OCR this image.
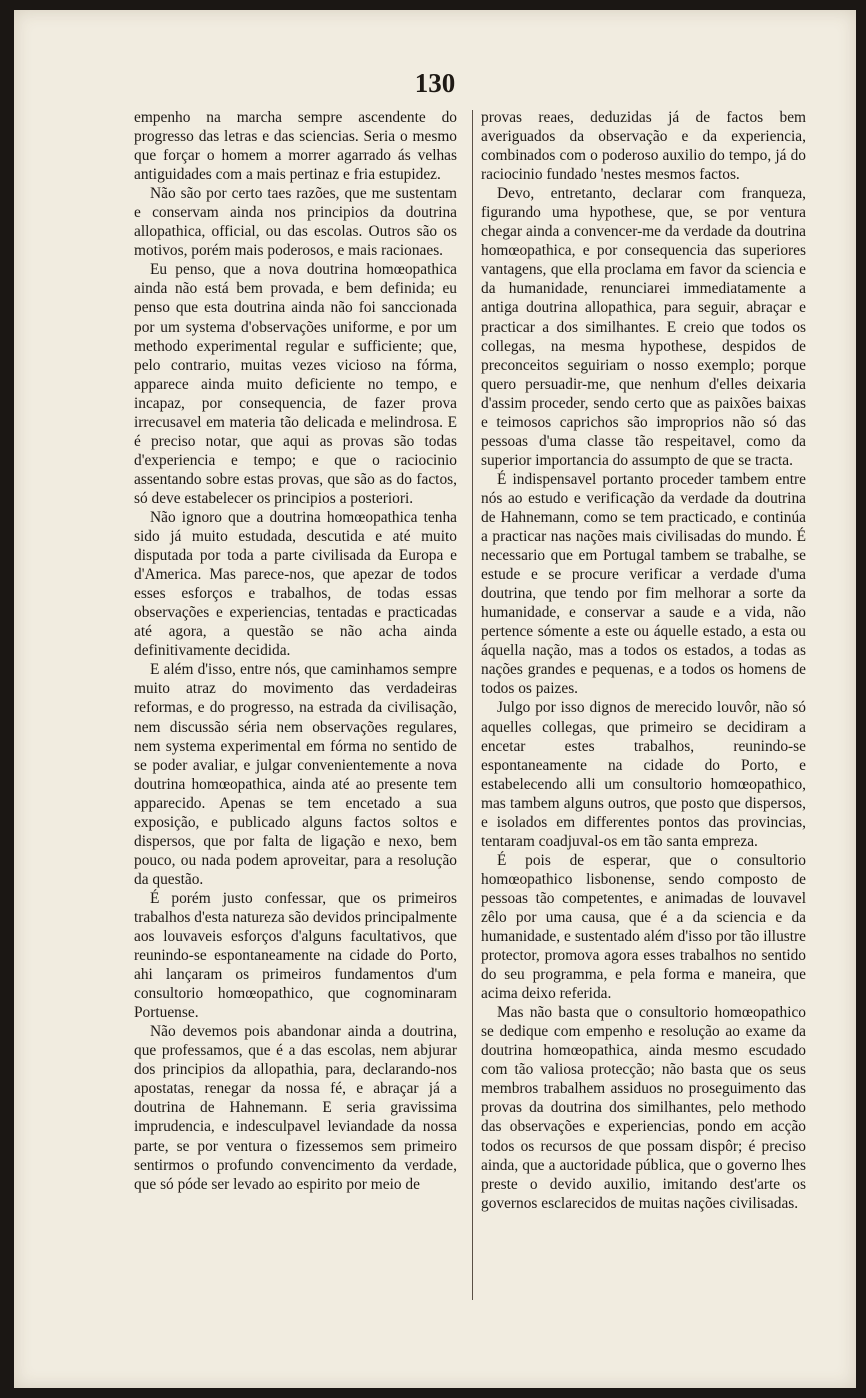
130

empenho na marcha sempre ascendente do progresso das letras e das sciencias. Seria o mesmo que forçar o homem a morrer agarrado ás velhas antiguidades com a mais pertinaz e fria estupidez.

Não são por certo taes razões, que me sustentam e conservam ainda nos principios da doutrina allopathica, official, ou das escolas. Outros são os motivos, porém mais poderosos, e mais racionaes.

Eu penso, que a nova doutrina homœopathica ainda não está bem provada, e bem definida; eu penso que esta doutrina ainda não foi sanccionada por um systema d'observações uniforme, e por um methodo experimental regular e sufficiente; que, pelo contrario, muitas vezes vicioso na fórma, apparece ainda muito deficiente no tempo, e incapaz, por consequencia, de fazer prova irrecusavel em materia tão delicada e melindrosa. E é preciso notar, que aqui as provas são todas d'experiencia e tempo; e que o raciocinio assentando sobre estas provas, que são as do factos, só deve estabelecer os principios a posteriori.

Não ignoro que a doutrina homœopathica tenha sido já muito estudada, descutida e até muito disputada por toda a parte civilisada da Europa e d'America. Mas parece-nos, que apezar de todos esses esforços e trabalhos, de todas essas observações e experiencias, tentadas e practicadas até agora, a questão se não acha ainda definitivamente decidida.

E além d'isso, entre nós, que caminhamos sempre muito atraz do movimento das verdadeiras reformas, e do progresso, na estrada da civilisação, nem discussão séria nem observações regulares, nem systema experimental em fórma no sentido de se poder avaliar, e julgar convenientemente a nova doutrina homœopathica, ainda até ao presente tem apparecido. Apenas se tem encetado a sua exposição, e publicado alguns factos soltos e dispersos, que por falta de ligação e nexo, bem pouco, ou nada podem aproveitar, para a resolução da questão.

É porém justo confessar, que os primeiros trabalhos d'esta natureza são devidos principalmente aos louvaveis esforços d'alguns facultativos, que reunindo-se espontaneamente na cidade do Porto, ahi lançaram os primeiros fundamentos d'um consultorio homœopathico, que cognominaram Portuense.

Não devemos pois abandonar ainda a doutrina, que professamos, que é a das escolas, nem abjurar dos principios da allopathia, para, declarando-nos apostatas, renegar da nossa fé, e abraçar já a doutrina de Hahnemann. E seria gravissima imprudencia, e indesculpavel leviandade da nossa parte, se por ventura o fizessemos sem primeiro sentirmos o profundo convencimento da verdade, que só póde ser levado ao espirito por meio de

provas reaes, deduzidas já de factos bem averiguados da observação e da experiencia, combinados com o poderoso auxilio do tempo, já do raciocinio fundado 'nestes mesmos factos.

Devo, entretanto, declarar com franqueza, figurando uma hypothese, que, se por ventura chegar ainda a convencer-me da verdade da doutrina homœopathica, e por consequencia das superiores vantagens, que ella proclama em favor da sciencia e da humanidade, renunciarei immediatamente a antiga doutrina allopathica, para seguir, abraçar e practicar a dos similhantes. E creio que todos os collegas, na mesma hypothese, despidos de preconceitos seguiriam o nosso exemplo; porque quero persuadir-me, que nenhum d'elles deixaria d'assim proceder, sendo certo que as paixões baixas e teimosos caprichos são improprios não só das pessoas d'uma classe tão respeitavel, como da superior importancia do assumpto de que se tracta.

É indispensavel portanto proceder tambem entre nós ao estudo e verificação da verdade da doutrina de Hahnemann, como se tem practicado, e continúa a practicar nas nações mais civilisadas do mundo. É necessario que em Portugal tambem se trabalhe, se estude e se procure verificar a verdade d'uma doutrina, que tendo por fim melhorar a sorte da humanidade, e conservar a saude e a vida, não pertence sómente a este ou áquelle estado, a esta ou áquella nação, mas a todos os estados, a todas as nações grandes e pequenas, e a todos os homens de todos os paizes.

Julgo por isso dignos de merecido louvôr, não só aquelles collegas, que primeiro se decidiram a encetar estes trabalhos, reunindo-se espontaneamente na cidade do Porto, e estabelecendo alli um consultorio homœopathico, mas tambem alguns outros, que posto que dispersos, e isolados em differentes pontos das provincias, tentaram coadjuval-os em tão santa empreza.

É pois de esperar, que o consultorio homœopathico lisbonense, sendo composto de pessoas tão competentes, e animadas de louvavel zêlo por uma causa, que é a da sciencia e da humanidade, e sustentado além d'isso por tão illustre protector, promova agora esses trabalhos no sentido do seu programma, e pela forma e maneira, que acima deixo referida.

Mas não basta que o consultorio homœopathico se dedique com empenho e resolução ao exame da doutrina homœopathica, ainda mesmo escudado com tão valiosa protecção; não basta que os seus membros trabalhem assiduos no proseguimento das provas da doutrina dos similhantes, pelo methodo das observações e experiencias, pondo em acção todos os recursos de que possam dispôr; é preciso ainda, que a auctoridade pública, que o governo lhes preste o devido auxilio, imitando dest'arte os governos esclarecidos de muitas nações civilisadas.
